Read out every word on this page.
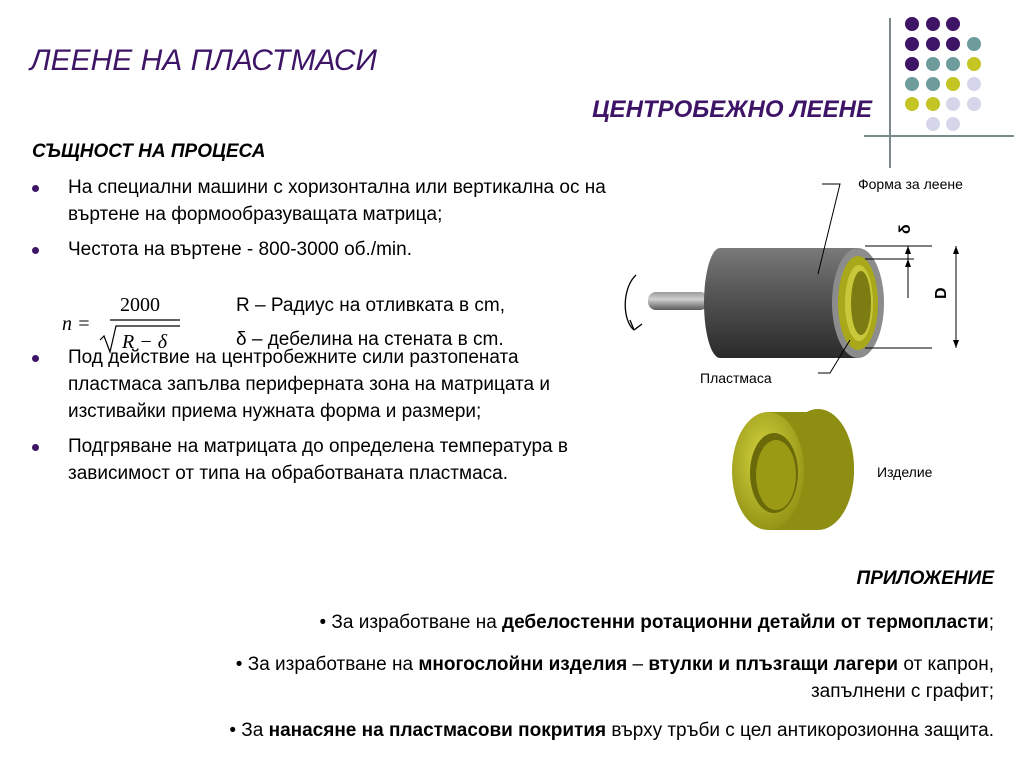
ЛЕЕНЕ НА ПЛАСТМАСИ
ЦЕНТРОБЕЖНО ЛЕЕНЕ
СЪЩНОСТ НА ПРОЦЕСА
На специални машини с хоризонтална или вертикална ос на въртене на формообразуващата матрица;
Честота на въртене - 800-3000 об./min.
Под действие на центробежните сили разтопената пластмаса запълва периферната зона на матрицата и изстивайки приема нужната форма и размери;
Подгряване на матрицата до определена температура в зависимост от типа на обработваната пластмаса.
n =
2000
R − δ
R – Радиус на отливката в cm,
δ – дебелина на стената в cm.
δ
D
Форма за леене
Пластмаса
Изделие
ПРИЛОЖЕНИЕ
• За изработване на дебелостенни ротационни детайли от термопласти;
• За изработване на многослойни изделия – втулки и плъзгащи лагери от капрон,
запълнени с графит;
• За нанасяне на пластмасови покрития върху тръби с цел антикорозионна защита.
